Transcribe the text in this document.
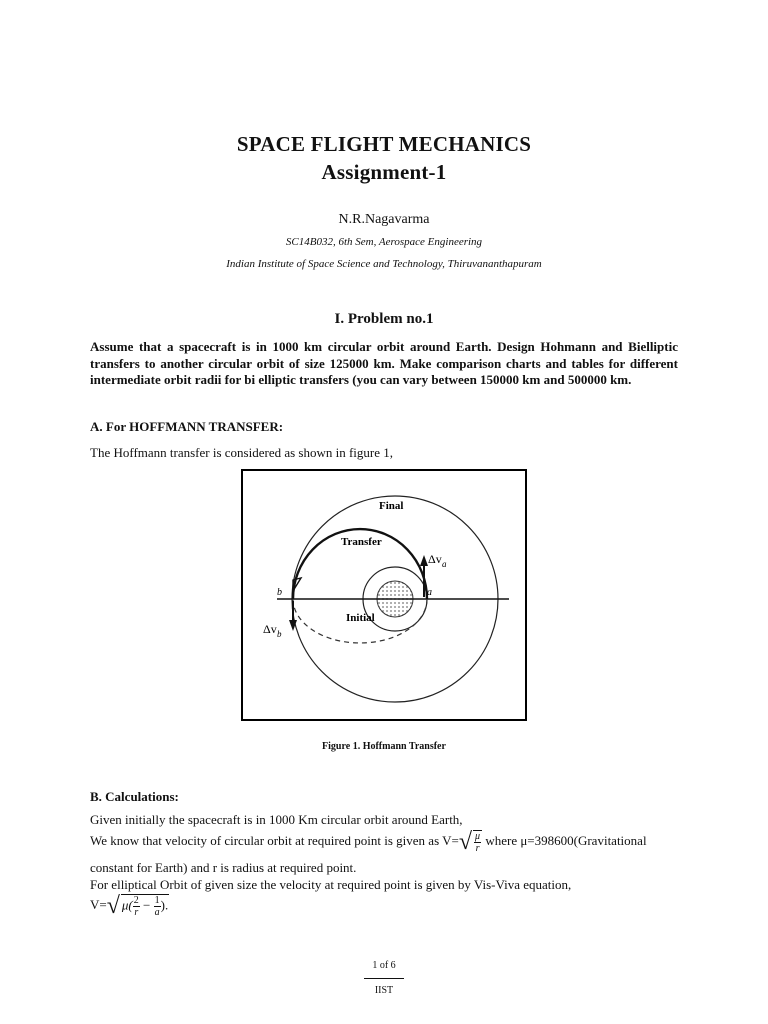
SPACE FLIGHT MECHANICS
Assignment-1
N.R.Nagavarma
SC14B032, 6th Sem, Aerospace Engineering
Indian Institute of Space Science and Technology, Thiruvananthapuram
I. Problem no.1
Assume that a spacecraft is in 1000 km circular orbit around Earth. Design Hohmann and Bielliptic transfers to another circular orbit of size 125000 km. Make comparison charts and tables for different intermediate orbit radii for bi elliptic transfers (you can vary between 150000 km and 500000 km.
A. For HOFFMANN TRANSFER:
The Hoffmann transfer is considered as shown in figure 1,
Final
Transfer
Initial
b	a
Δv a
Δv b
Figure 1. Hoffmann Transfer
B. Calculations:
Given initially the spacecraft is in 1000 Km circular orbit around Earth,
We know that velocity of circular orbit at required point is given as $V=√ \frac{\mu}{r}$ where μ=398600(Gravitational
constant for Earth) and r is radius at required point.
For elliptical Orbit of given size the velocity at required point is given by Vis-Viva equation,
V=√ $\mu( \frac{2}{r} - \frac{1}{a}$ ).
1 of 6
IIST
